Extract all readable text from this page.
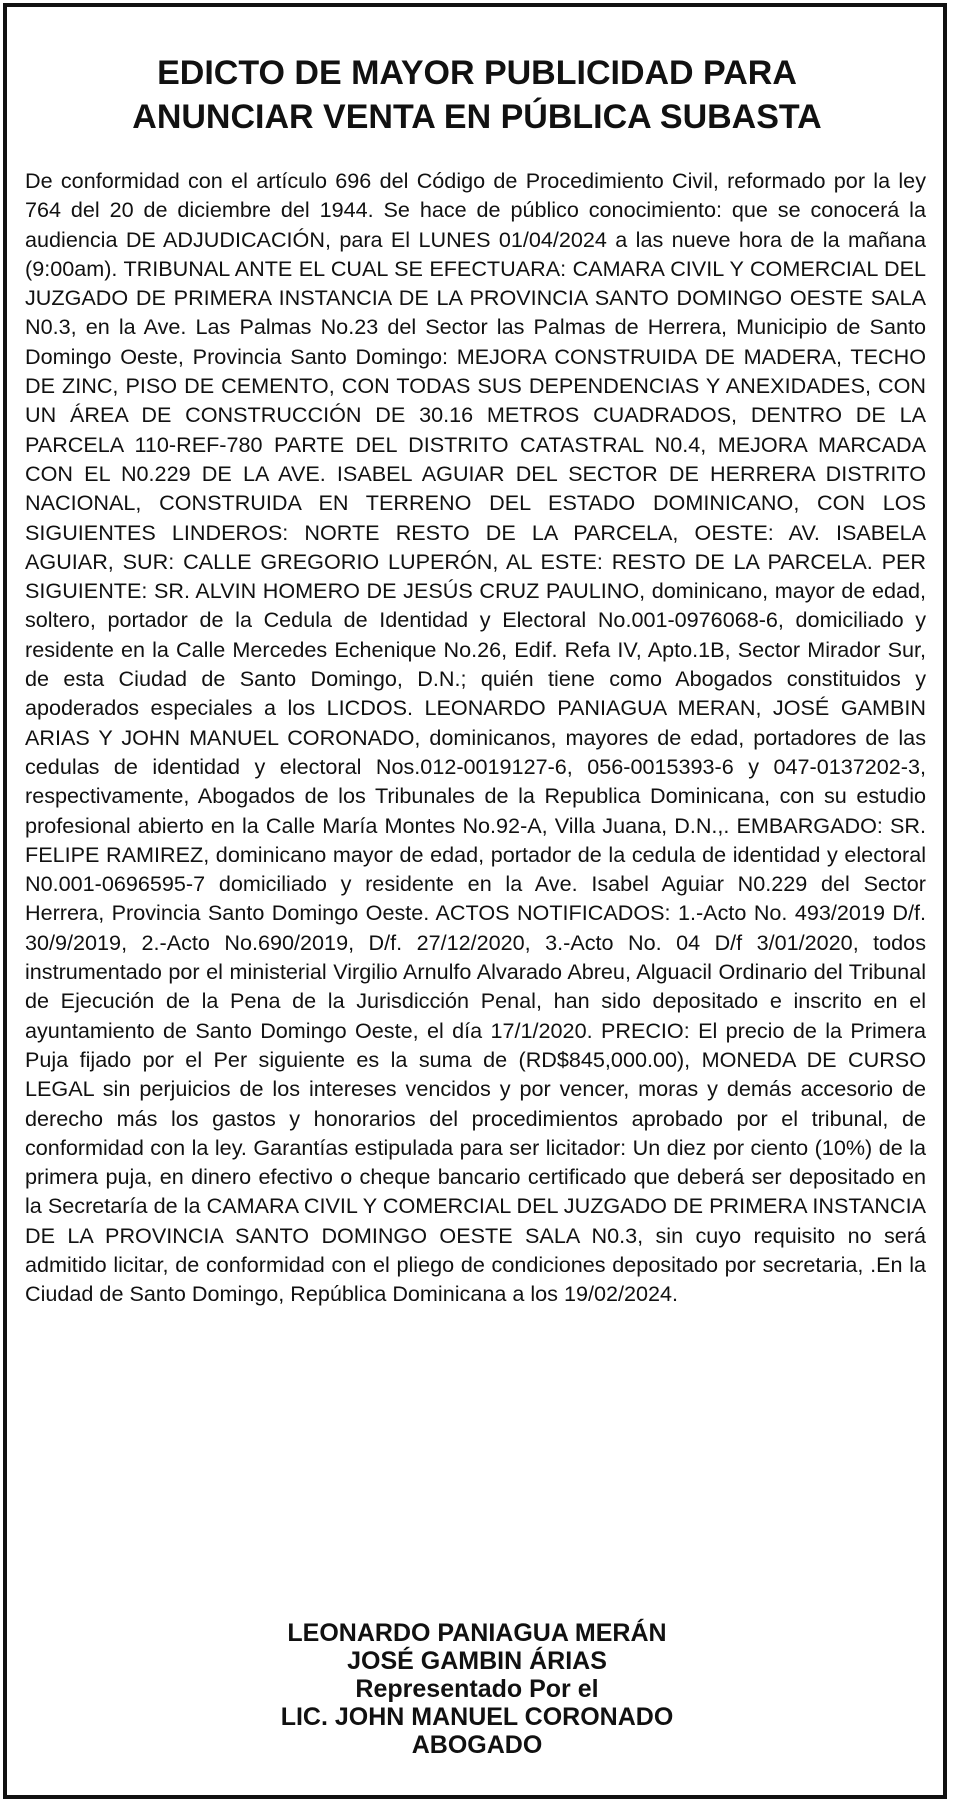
EDICTO DE MAYOR PUBLICIDAD PARA
ANUNCIAR VENTA EN PÚBLICA SUBASTA

De conformidad con el artículo 696 del Código de Procedimiento Civil, reformado por la ley 764 del 20 de diciembre del 1944. Se hace de público conocimiento: que se conocerá la audiencia DE ADJUDICACIÓN, para El LUNES 01/04/2024 a las nueve hora de la mañana (9:00am). TRIBUNAL ANTE EL CUAL SE EFECTUARA: CAMARA CIVIL Y COMERCIAL DEL JUZGADO DE PRIMERA INSTANCIA DE LA PROVINCIA SANTO DOMINGO OESTE SALA N0.3, en la Ave. Las Palmas No.23 del Sector las Palmas de Herrera, Municipio de Santo Domingo Oeste, Provincia Santo Domingo: MEJORA CONSTRUIDA DE MADERA, TECHO DE ZINC, PISO DE CEMENTO, CON TODAS SUS DEPENDENCIAS Y ANEXIDADES, CON UN ÁREA DE CONSTRUCCIÓN DE 30.16 METROS CUADRADOS, DENTRO DE LA PARCELA 110-REF-780 PARTE DEL DISTRITO CATASTRAL N0.4, MEJORA MARCADA CON EL N0.229 DE LA AVE. ISABEL AGUIAR DEL SECTOR DE HERRERA DISTRITO NACIONAL, CONSTRUIDA EN TERRENO DEL ESTADO DOMINICANO, CON LOS SIGUIENTES LINDEROS: NORTE RESTO DE LA PARCELA, OESTE: AV. ISABELA AGUIAR, SUR: CALLE GREGORIO LUPERÓN, AL ESTE: RESTO DE LA PARCELA. PER SIGUIENTE: SR. ALVIN HOMERO DE JESÚS CRUZ PAULINO, dominicano, mayor de edad, soltero, portador de la Cedula de Identidad y Electoral No.001-0976068-6, domiciliado y residente en la Calle Mercedes Echenique No.26, Edif. Refa IV, Apto.1B, Sector Mirador Sur, de esta Ciudad de Santo Domingo, D.N.; quién tiene como Abogados constituidos y apoderados especiales a los LICDOS. LEONARDO PANIAGUA MERAN, JOSÉ GAMBIN ARIAS Y JOHN MANUEL CORONADO, dominicanos, mayores de edad, portadores de las cedulas de identidad y electoral Nos.012-0019127-6, 056-0015393-6 y 047-0137202-3, respectivamente, Abogados de los Tribunales de la Republica Dominicana, con su estudio profesional abierto en la Calle María Montes No.92-A, Villa Juana, D.N.,. EMBARGADO: SR. FELIPE RAMIREZ, dominicano mayor de edad, portador de la cedula de identidad y electoral N0.001-0696595-7 domiciliado y residente en la Ave. Isabel Aguiar N0.229 del Sector Herrera, Provincia Santo Domingo Oeste. ACTOS NOTIFICADOS: 1.-Acto No. 493/2019 D/f. 30/9/2019, 2.-Acto No.690/2019, D/f. 27/12/2020, 3.-Acto No. 04 D/f 3/01/2020, todos instrumentado por el ministerial Virgilio Arnulfo Alvarado Abreu, Alguacil Ordinario del Tribunal de Ejecución de la Pena de la Jurisdicción Penal, han sido depositado e inscrito en el ayuntamiento de Santo Domingo Oeste, el día 17/1/2020. PRECIO: El precio de la Primera Puja fijado por el Per siguiente es la suma de (RD$845,000.00), MONEDA DE CURSO LEGAL sin perjuicios de los intereses vencidos y por vencer, moras y demás accesorio de derecho más los gastos y honorarios del procedimientos aprobado por el tribunal, de conformidad con la ley. Garantías estipulada para ser licitador: Un diez por ciento (10%) de la primera puja, en dinero efectivo o cheque bancario certificado que deberá ser depositado en la Secretaría de la CAMARA CIVIL Y COMERCIAL DEL JUZGADO DE PRIMERA INSTANCIA DE LA PROVINCIA SANTO DOMINGO OESTE SALA N0.3, sin cuyo requisito no será admitido licitar, de conformidad con el pliego de condiciones depositado por secretaria, .En la Ciudad de Santo Domingo, República Dominicana a los 19/02/2024.

LEONARDO PANIAGUA MERÁN
JOSÉ GAMBIN ÁRIAS
Representado Por el
LIC. JOHN MANUEL CORONADO
ABOGADO
